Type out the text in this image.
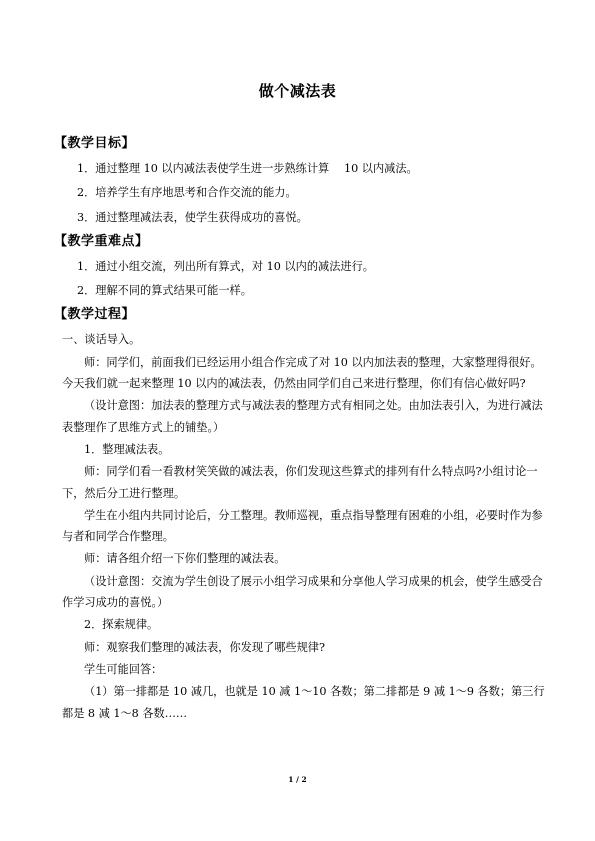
做个减法表
【教学目标】

1．通过整理 10 以内减法表使学生进一步熟练计算　 10 以内减法。

2．培养学生有序地思考和合作交流的能力。

3．通过整理减法表，使学生获得成功的喜悦。

【教学重难点】

1．通过小组交流，列出所有算式，对 10 以内的减法进行。

2．理解不同的算式结果可能一样。

【教学过程】

一、谈话导入。

师：同学们，前面我们已经运用小组合作完成了对 10 以内加法表的整理，大家整理得很好。今天我们就一起来整理 10 以内的减法表，仍然由同学们自己来进行整理，你们有信心做好吗?

（设计意图：加法表的整理方式与减法表的整理方式有相同之处。由加法表引入，为进行减法表整理作了思维方式上的铺垫。）

1．整理减法表。

师：同学们看一看教材笑笑做的减法表，你们发现这些算式的排列有什么特点吗?小组讨论一下，然后分工进行整理。

学生在小组内共同讨论后，分工整理。教师巡视，重点指导整理有困难的小组，必要时作为参与者和同学合作整理。

师：请各组介绍一下你们整理的减法表。

（设计意图：交流为学生创设了展示小组学习成果和分享他人学习成果的机会，使学生感受合作学习成功的喜悦。）

2．探索规律。

师：观察我们整理的减法表，你发现了哪些规律?

学生可能回答：

（1）第一排都是 10 减几，也就是 10 减 1～10 各数；第二排都是 9 减 1～9 各数；第三行都是 8 减 1～8 各数……

1 / 2
